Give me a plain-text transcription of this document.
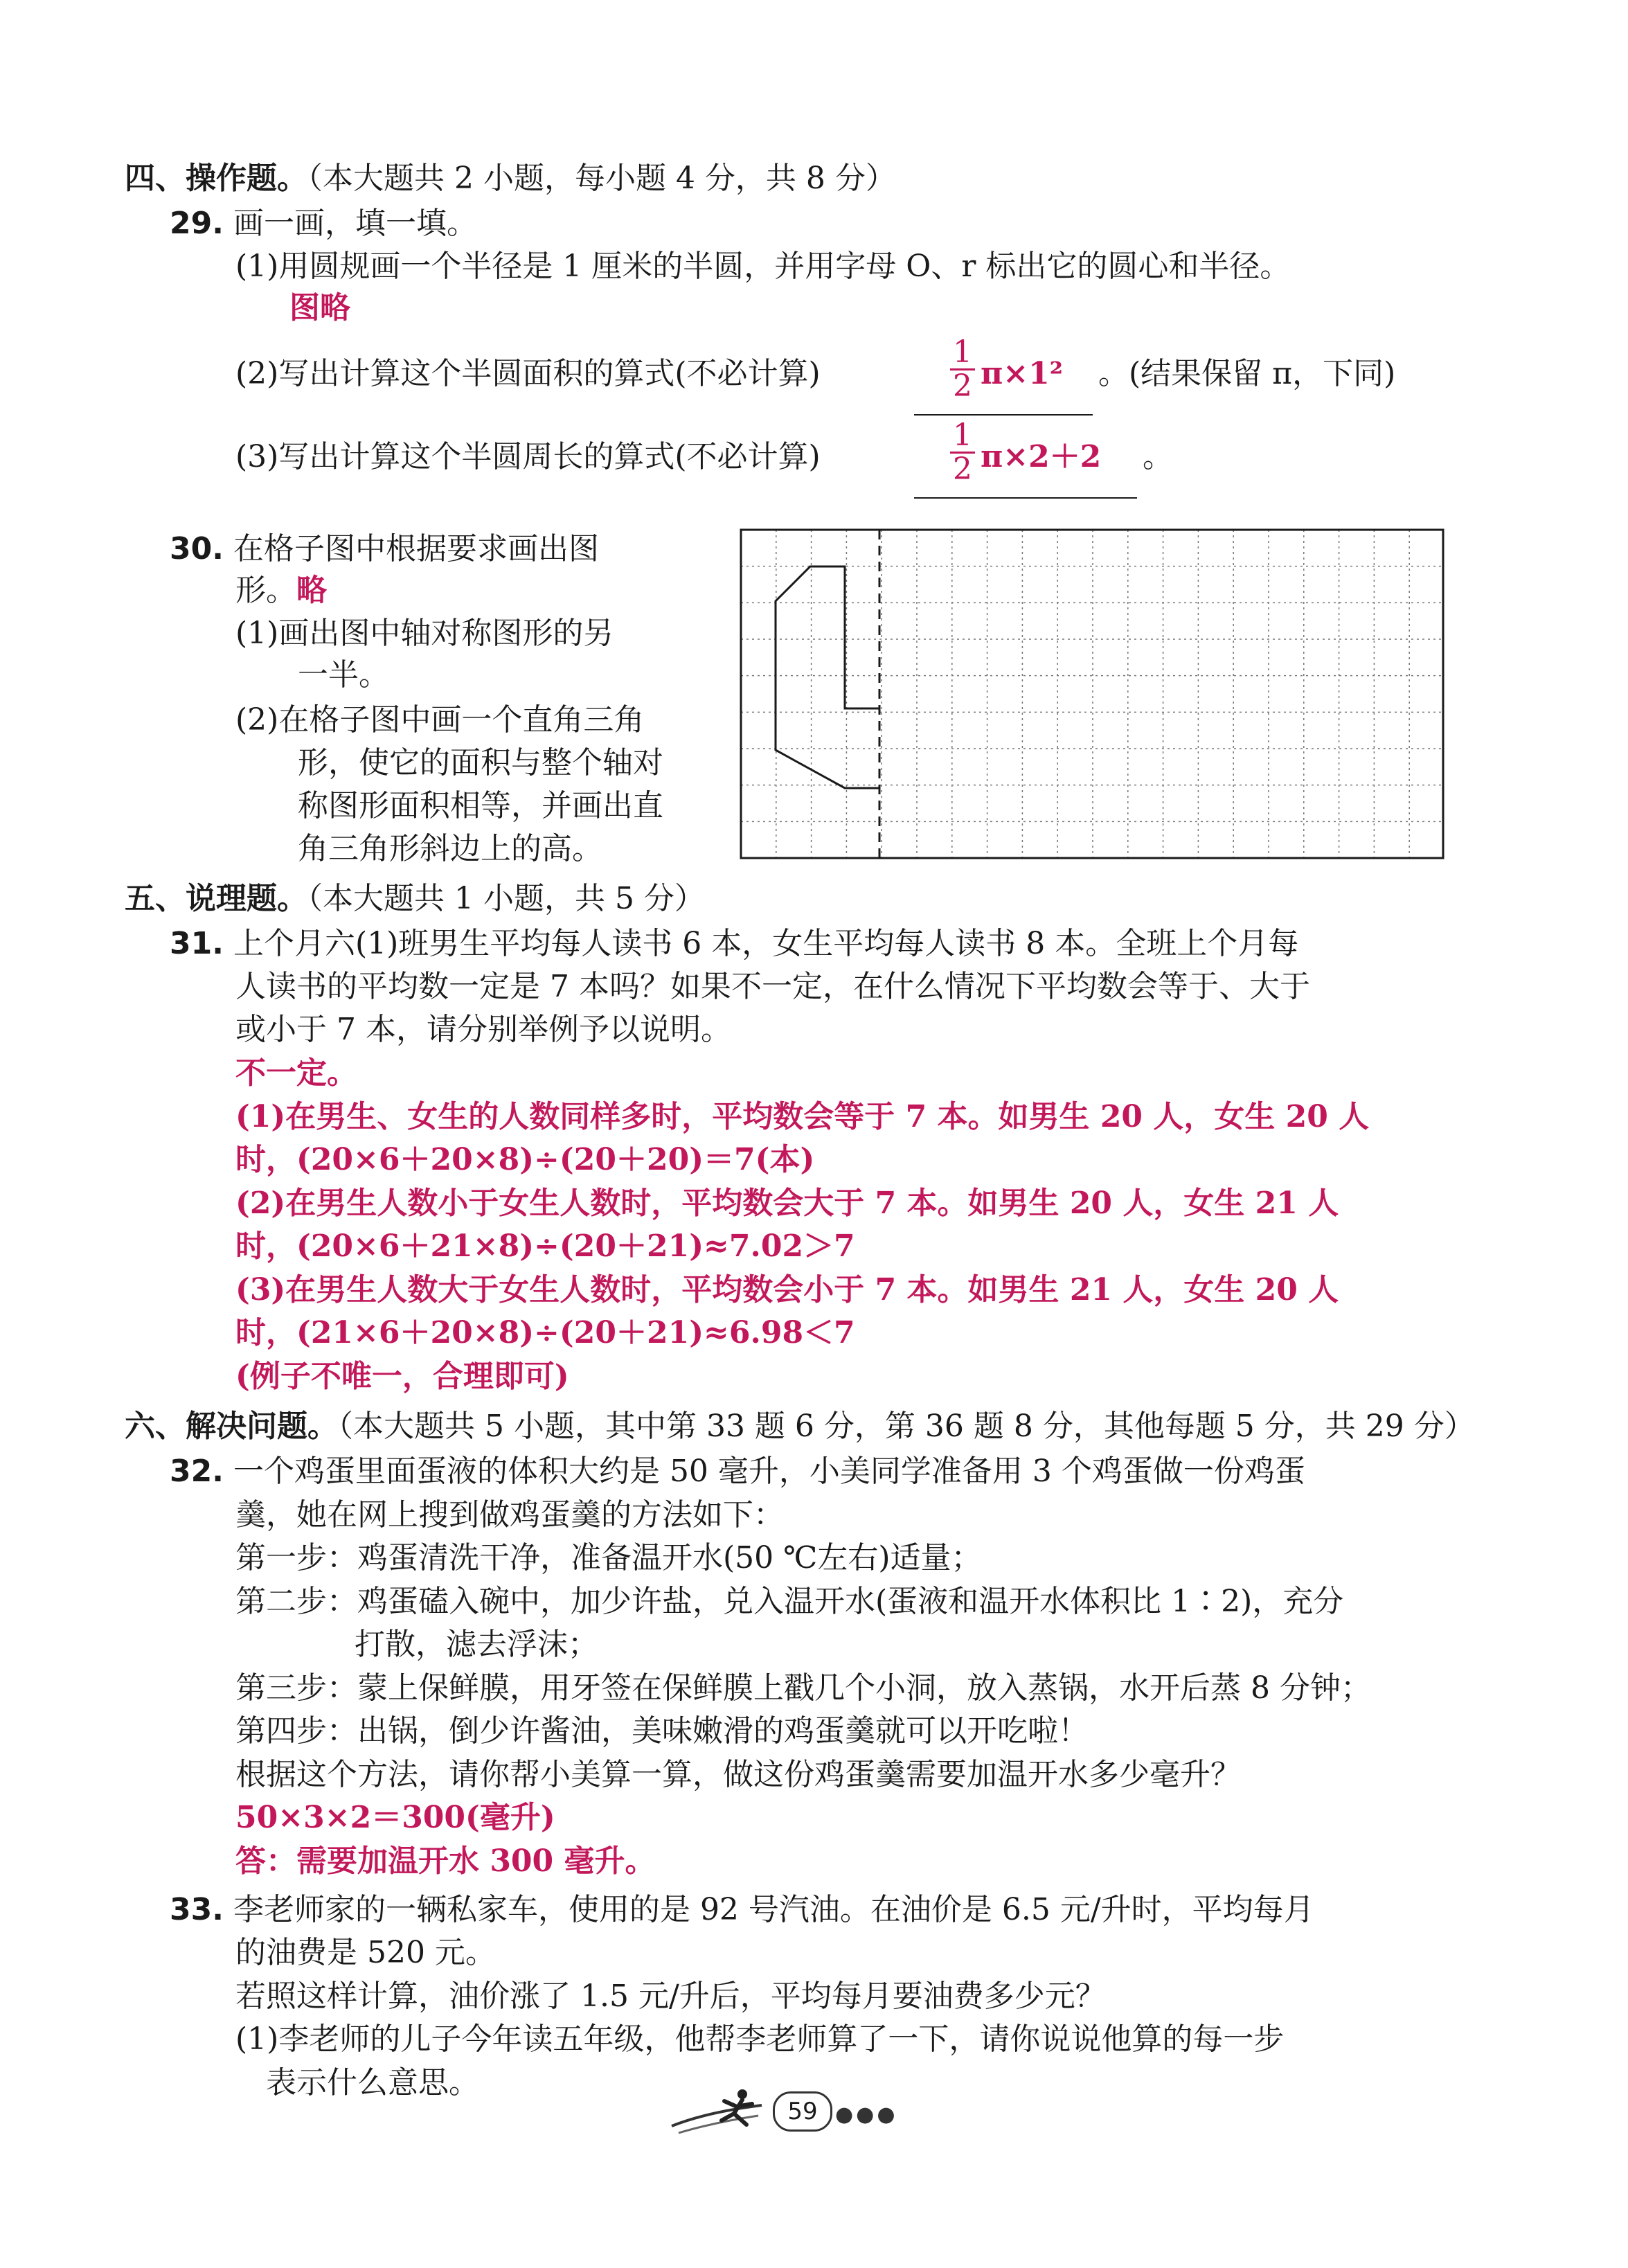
四、操作题。（本大题共 2 小题，每小题 4 分，共 8 分）
29. 画一画，填一填。
(1)用圆规画一个半径是 1 厘米的半圆，并用字母 O、r 标出它的圆心和半径。
图略
(2)写出计算这个半圆面积的算式(不必计算)
1
2 π×1² 。(结果保留 π，下同)
(3)写出计算这个半圆周长的算式(不必计算)
1
2 π×2＋2 。
30. 在格子图中根据要求画出图
形。略
(1)画出图中轴对称图形的另
一半。
(2)在格子图中画一个直角三角
形，使它的面积与整个轴对
称图形面积相等，并画出直
角三角形斜边上的高。
五、说理题。（本大题共 1 小题，共 5 分）
31. 上个月六(1)班男生平均每人读书 6 本，女生平均每人读书 8 本。全班上个月每
人读书的平均数一定是 7 本吗？如果不一定，在什么情况下平均数会等于、大于
或小于 7 本，请分别举例予以说明。
不一定。
(1)在男生、女生的人数同样多时，平均数会等于 7 本。如男生 20 人，女生 20 人
时，(20×6＋20×8)÷(20＋20)＝7(本)
(2)在男生人数小于女生人数时，平均数会大于 7 本。如男生 20 人，女生 21 人
时，(20×6＋21×8)÷(20＋21)≈7.02＞7
(3)在男生人数大于女生人数时，平均数会小于 7 本。如男生 21 人，女生 20 人
时，(21×6＋20×8)÷(20＋21)≈6.98＜7
(例子不唯一，合理即可)
六、解决问题。（本大题共 5 小题，其中第 33 题 6 分，第 36 题 8 分，其他每题 5 分，共 29 分）
32. 一个鸡蛋里面蛋液的体积大约是 50 毫升，小美同学准备用 3 个鸡蛋做一份鸡蛋
羹，她在网上搜到做鸡蛋羹的方法如下：
第一步：鸡蛋清洗干净，准备温开水(50 ℃左右)适量；
第二步：鸡蛋磕入碗中，加少许盐，兑入温开水(蛋液和温开水体积比 1∶2)，充分
打散，滤去浮沫；
第三步：蒙上保鲜膜，用牙签在保鲜膜上戳几个小洞，放入蒸锅，水开后蒸 8 分钟；
第四步：出锅，倒少许酱油，美味嫩滑的鸡蛋羹就可以开吃啦！
根据这个方法，请你帮小美算一算，做这份鸡蛋羹需要加温开水多少毫升？
50×3×2＝300(毫升)
答：需要加温开水 300 毫升。
33. 李老师家的一辆私家车，使用的是 92 号汽油。在油价是 6.5 元/升时，平均每月
的油费是 520 元。
若照这样计算，油价涨了 1.5 元/升后，平均每月要油费多少元？
(1)李老师的儿子今年读五年级，他帮李老师算了一下，请你说说他算的每一步
表示什么意思。
59 ●●●
